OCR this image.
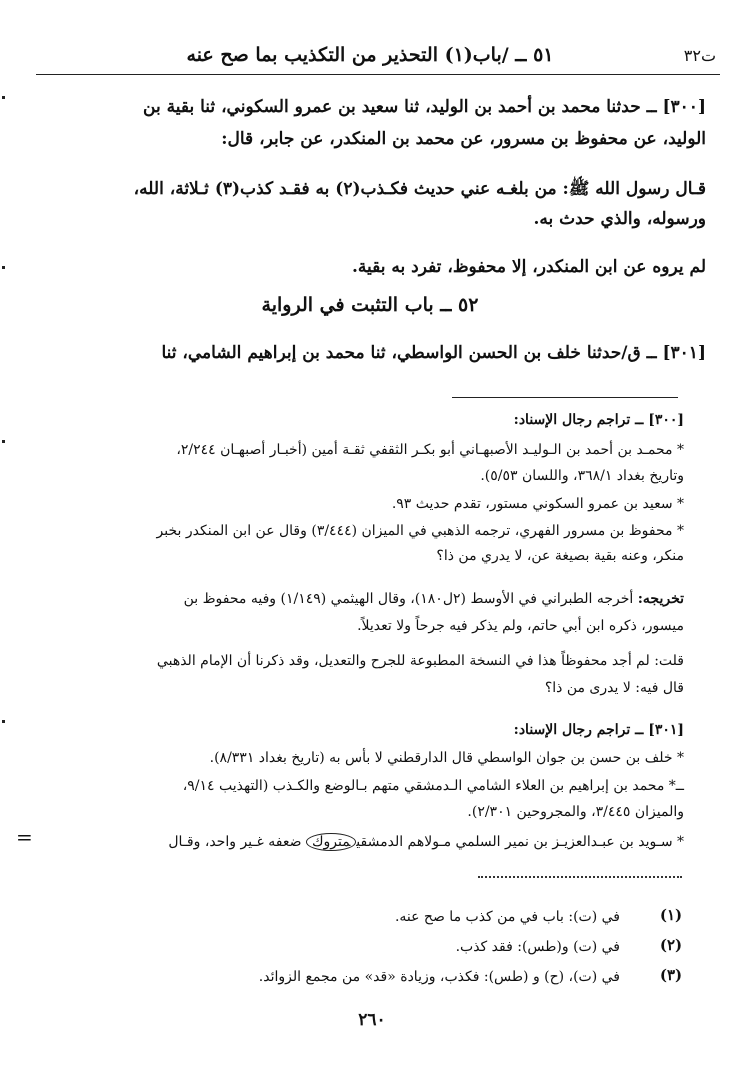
ت٣٢
٥١ ــ /باب(١) التحذير من التكذيب بما صح عنه
[٣٠٠] ــ حدثنا محمد بن أحمد بن الوليد، ثنا سعيد بن عمرو السكوني، ثنا بقية بن
الوليد، عن محفوظ بن مسرور، عن محمد بن المنكدر، عن جابر، قال:
قـال رسول الله ﷺ: من بلغـه عني حديث فكـذب(٢) به فقـد كذب(٣) ثـلاثة، الله،
ورسوله، والذي حدث به.
لم يروه عن ابن المنكدر، إلا محفوظ، تفرد به بقية.
٥٢ ــ باب التثبت في الرواية
[٣٠١] ــ ق/حدثنا خلف بن الحسن الواسطي، ثنا محمد بن إبراهيم الشامي، ثنا
[٣٠٠] ــ تراجم رجال الإسناد:
* محمـد بن أحمد بن الـوليـد الأصبهـاني أبو بكـر الثقفي ثقـة أمين (أخبـار أصبهـان ٢/٢٤٤،
وتاريخ بغداد ٣٦٨/١، واللسان ٥/٥٣).
* سعيد بن عمرو السكوني مستور، تقدم حديث ٩٣.
* محفوظ بن مسرور الفهري، ترجمه الذهبي في الميزان (٣/٤٤٤) وقال عن ابن المنكدر بخبر
منكر، وعنه بقية بصيغة عن، لا يدري من ذا؟
تخريجه: أخرجه الطبراني في الأوسط (٢ل١٨٠)، وقال الهيثمي (١/١٤٩) وفيه محفوظ بن
ميسور، ذكره ابن أبي حاتم، ولم يذكر فيه جرحاً ولا تعديلاً.
قلت: لم أجد محفوظاً هذا في النسخة المطبوعة للجرح والتعديل، وقد ذكرنا أن الإمام الذهبي
قال فيه: لا يدرى من ذا؟
[٣٠١] ــ تراجم رجال الإسناد:
* خلف بن حسن بن جوان الواسطي قال الدارقطني لا بأس به (تاريخ بغداد ٨/٣٣١).
ــ* محمد بن إبراهيم بن العلاء الشامي الـدمشقي متهم بـالوضع والكـذب (التهذيب ٩/١٤،
والميزان ٣/٤٤٥، والمجروحين ٢/٣٠١).
* سـويد بن عبـدالعزيـز بن نمير السلمي مـولاهم الدمشقيمتروك ضعفه غـير واحد، وقـال
=
(١)
في (ت): باب في من كذب ما صح عنه.
(٢)
في (ت) و(طس): فقد كذب.
(٣)
في (ت)، (ح) و (طس): فكذب، وزيادة «قد» من مجمع الزوائد.
٢٦٠
